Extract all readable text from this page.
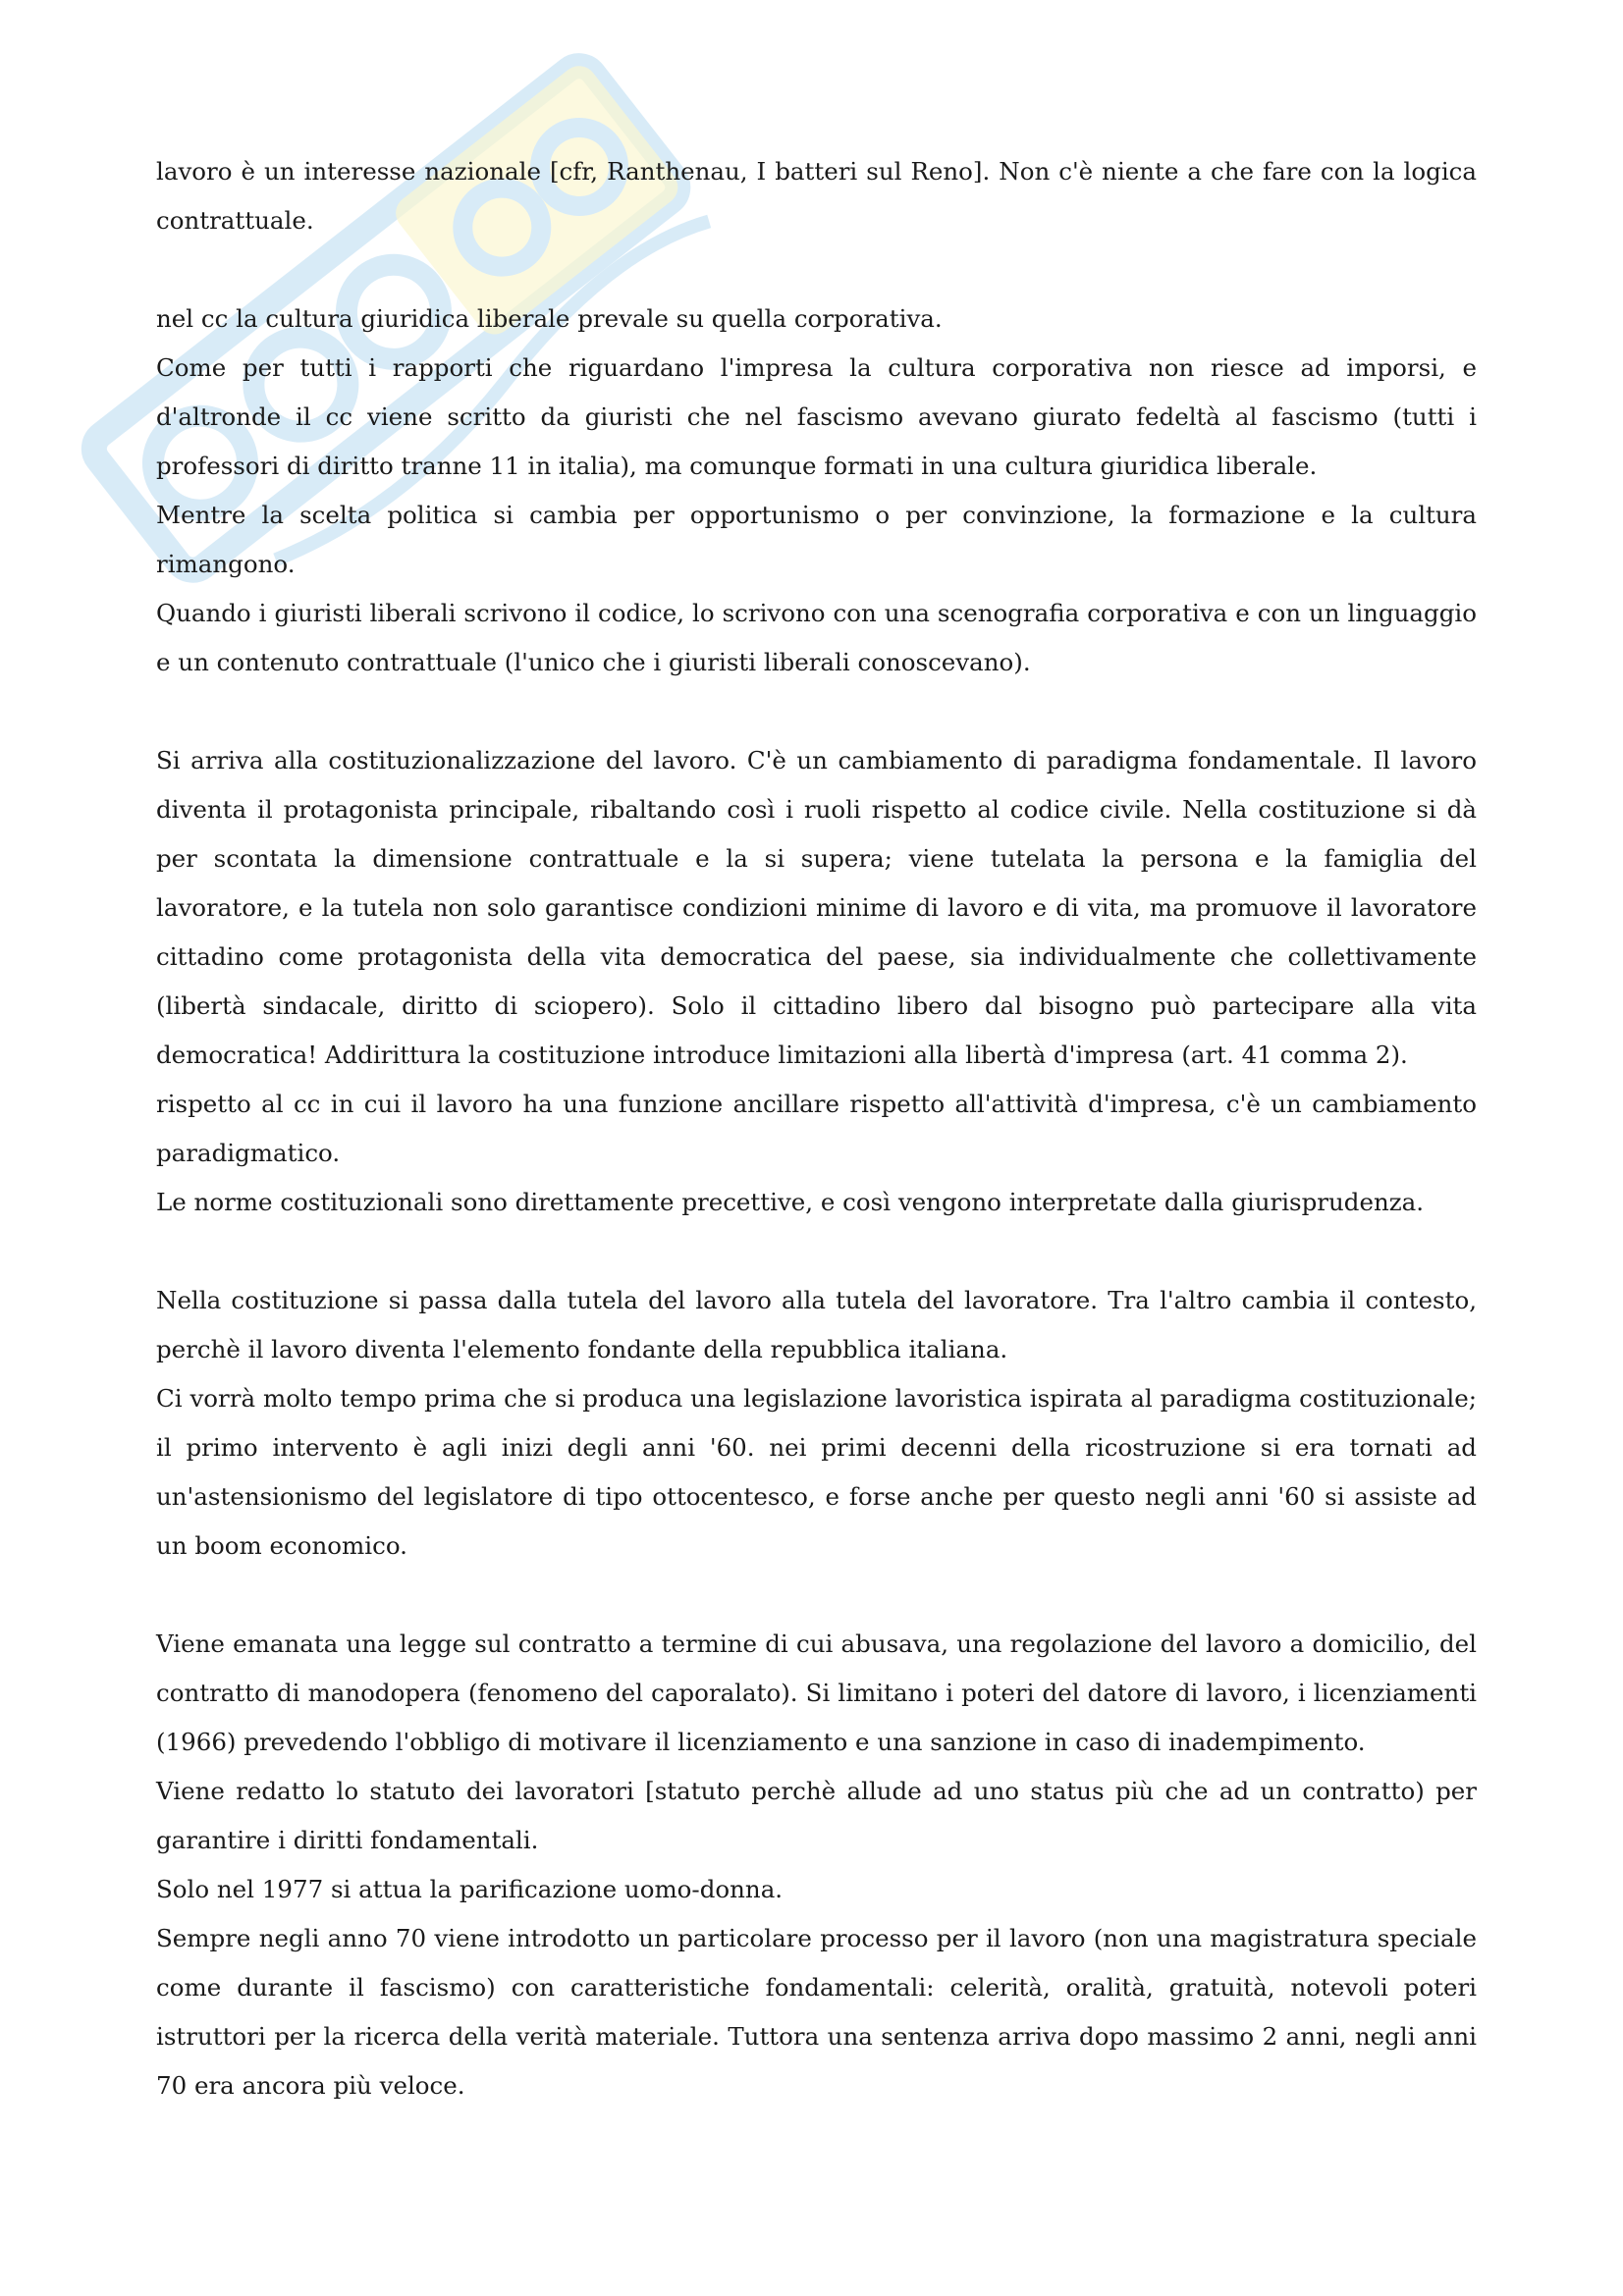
lavoro è un interesse nazionale [cfr, Ranthenau, I batteri sul Reno]. Non c'è niente a che fare con la logica contrattuale.

nel cc la cultura giuridica liberale prevale su quella corporativa.

Come per tutti i rapporti che riguardano l'impresa la cultura corporativa non riesce ad imporsi, e d'altronde il cc viene scritto da giuristi che nel fascismo avevano giurato fedeltà al fascismo (tutti i professori di diritto tranne 11 in italia), ma comunque formati in una cultura giuridica liberale.

Mentre la scelta politica si cambia per opportunismo o per convinzione, la formazione e la cultura rimangono.

Quando i giuristi liberali scrivono il codice, lo scrivono con una scenografia corporativa e con un linguaggio e un contenuto contrattuale (l'unico che i giuristi liberali conoscevano).

Si arriva alla costituzionalizzazione del lavoro. C'è un cambiamento di paradigma fondamentale. Il lavoro diventa il protagonista principale, ribaltando così i ruoli rispetto al codice civile. Nella costituzione si dà per scontata la dimensione contrattuale e la si supera; viene tutelata la persona e la famiglia del lavoratore, e la tutela non solo garantisce condizioni minime di lavoro e di vita, ma promuove il lavoratore cittadino come protagonista della vita democratica del paese, sia individualmente che collettivamente (libertà sindacale, diritto di sciopero). Solo il cittadino libero dal bisogno può partecipare alla vita democratica! Addirittura la costituzione introduce limitazioni alla libertà d'impresa (art. 41 comma 2).

rispetto al cc in cui il lavoro ha una funzione ancillare rispetto all'attività d'impresa, c'è un cambiamento paradigmatico.

Le norme costituzionali sono direttamente precettive, e così vengono interpretate dalla giurisprudenza.

Nella costituzione si passa dalla tutela del lavoro alla tutela del lavoratore. Tra l'altro cambia il contesto, perchè il lavoro diventa l'elemento fondante della repubblica italiana.

Ci vorrà molto tempo prima che si produca una legislazione lavoristica ispirata al paradigma costituzionale; il primo intervento è agli inizi degli anni '60. nei primi decenni della ricostruzione si era tornati ad un'astensionismo del legislatore di tipo ottocentesco, e forse anche per questo negli anni '60 si assiste ad un boom economico.

Viene emanata una legge sul contratto a termine di cui abusava, una regolazione del lavoro a domicilio, del contratto di manodopera (fenomeno del caporalato). Si limitano i poteri del datore di lavoro, i licenziamenti (1966) prevedendo l'obbligo di motivare il licenziamento e una sanzione in caso di inadempimento.

Viene redatto lo statuto dei lavoratori [statuto perchè allude ad uno status più che ad un contratto) per garantire i diritti fondamentali.

Solo nel 1977 si attua la parificazione uomo-donna.

Sempre negli anno 70 viene introdotto un particolare processo per il lavoro (non una magistratura speciale come durante il fascismo) con caratteristiche fondamentali: celerità, oralità, gratuità, notevoli poteri istruttori per la ricerca della verità materiale. Tuttora una sentenza arriva dopo massimo 2 anni, negli anni 70 era ancora più veloce.
